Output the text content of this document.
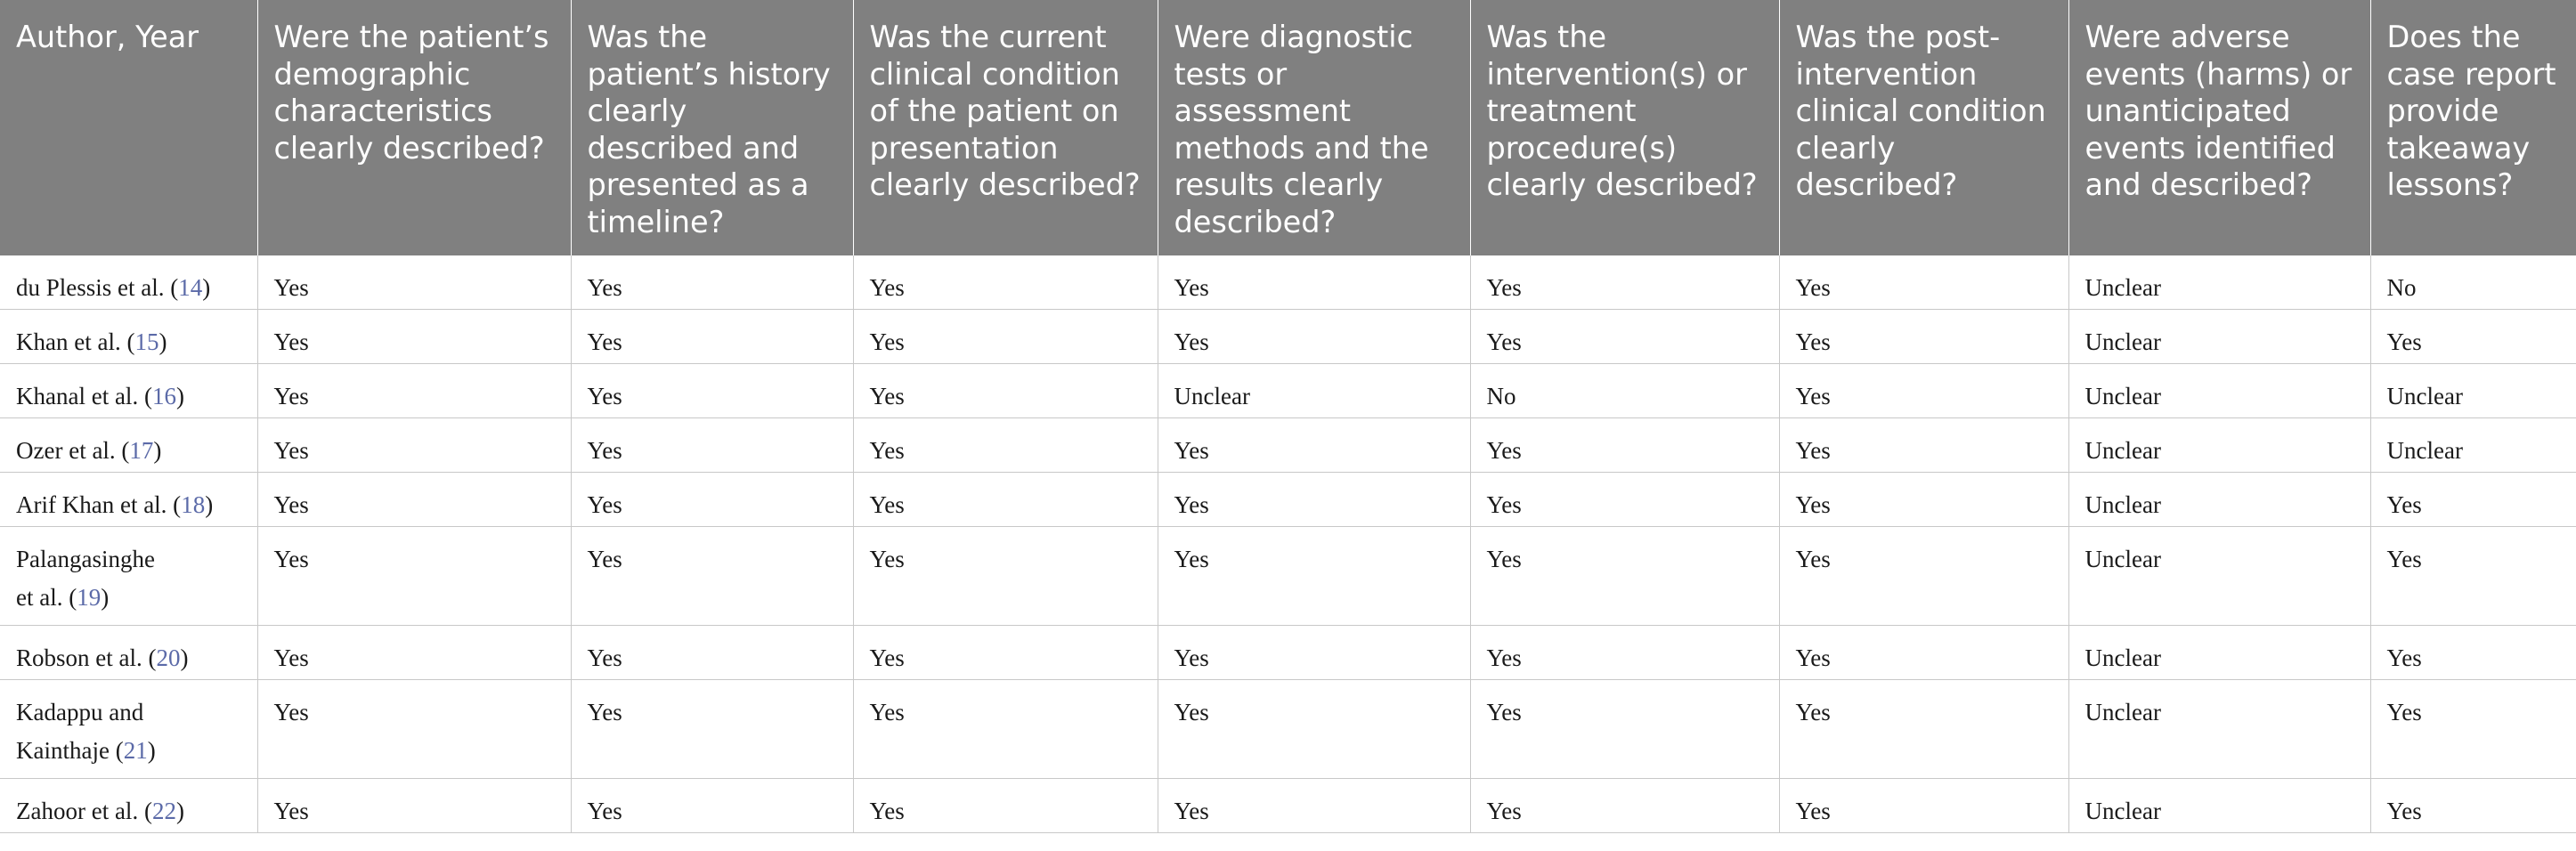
Author, Year	Were the patient’s demographic characteristics clearly described?	Was the patient’s history clearly described and presented as a timeline?	Was the current clinical condition of the patient on presentation clearly described?	Were diagnostic tests or assessment methods and the results clearly described?	Was the intervention(s) or treatment procedure(s) clearly described?	Was the post-intervention clinical condition clearly described?	Were adverse events (harms) or unanticipated events identified and described?	Does the case report provide takeaway lessons?
du Plessis et al. (14)	Yes	Yes	Yes	Yes	Yes	Yes	Unclear	No
Khan et al. (15)	Yes	Yes	Yes	Yes	Yes	Yes	Unclear	Yes
Khanal et al. (16)	Yes	Yes	Yes	Unclear	No	Yes	Unclear	Unclear
Ozer et al. (17)	Yes	Yes	Yes	Yes	Yes	Yes	Unclear	Unclear
Arif Khan et al. (18)	Yes	Yes	Yes	Yes	Yes	Yes	Unclear	Yes
Palangasinghe
et al. (19)	Yes	Yes	Yes	Yes	Yes	Yes	Unclear	Yes
Robson et al. (20)	Yes	Yes	Yes	Yes	Yes	Yes	Unclear	Yes
Kadappu and
Kainthaje (21)	Yes	Yes	Yes	Yes	Yes	Yes	Unclear	Yes
Zahoor et al. (22)	Yes	Yes	Yes	Yes	Yes	Yes	Unclear	Yes
